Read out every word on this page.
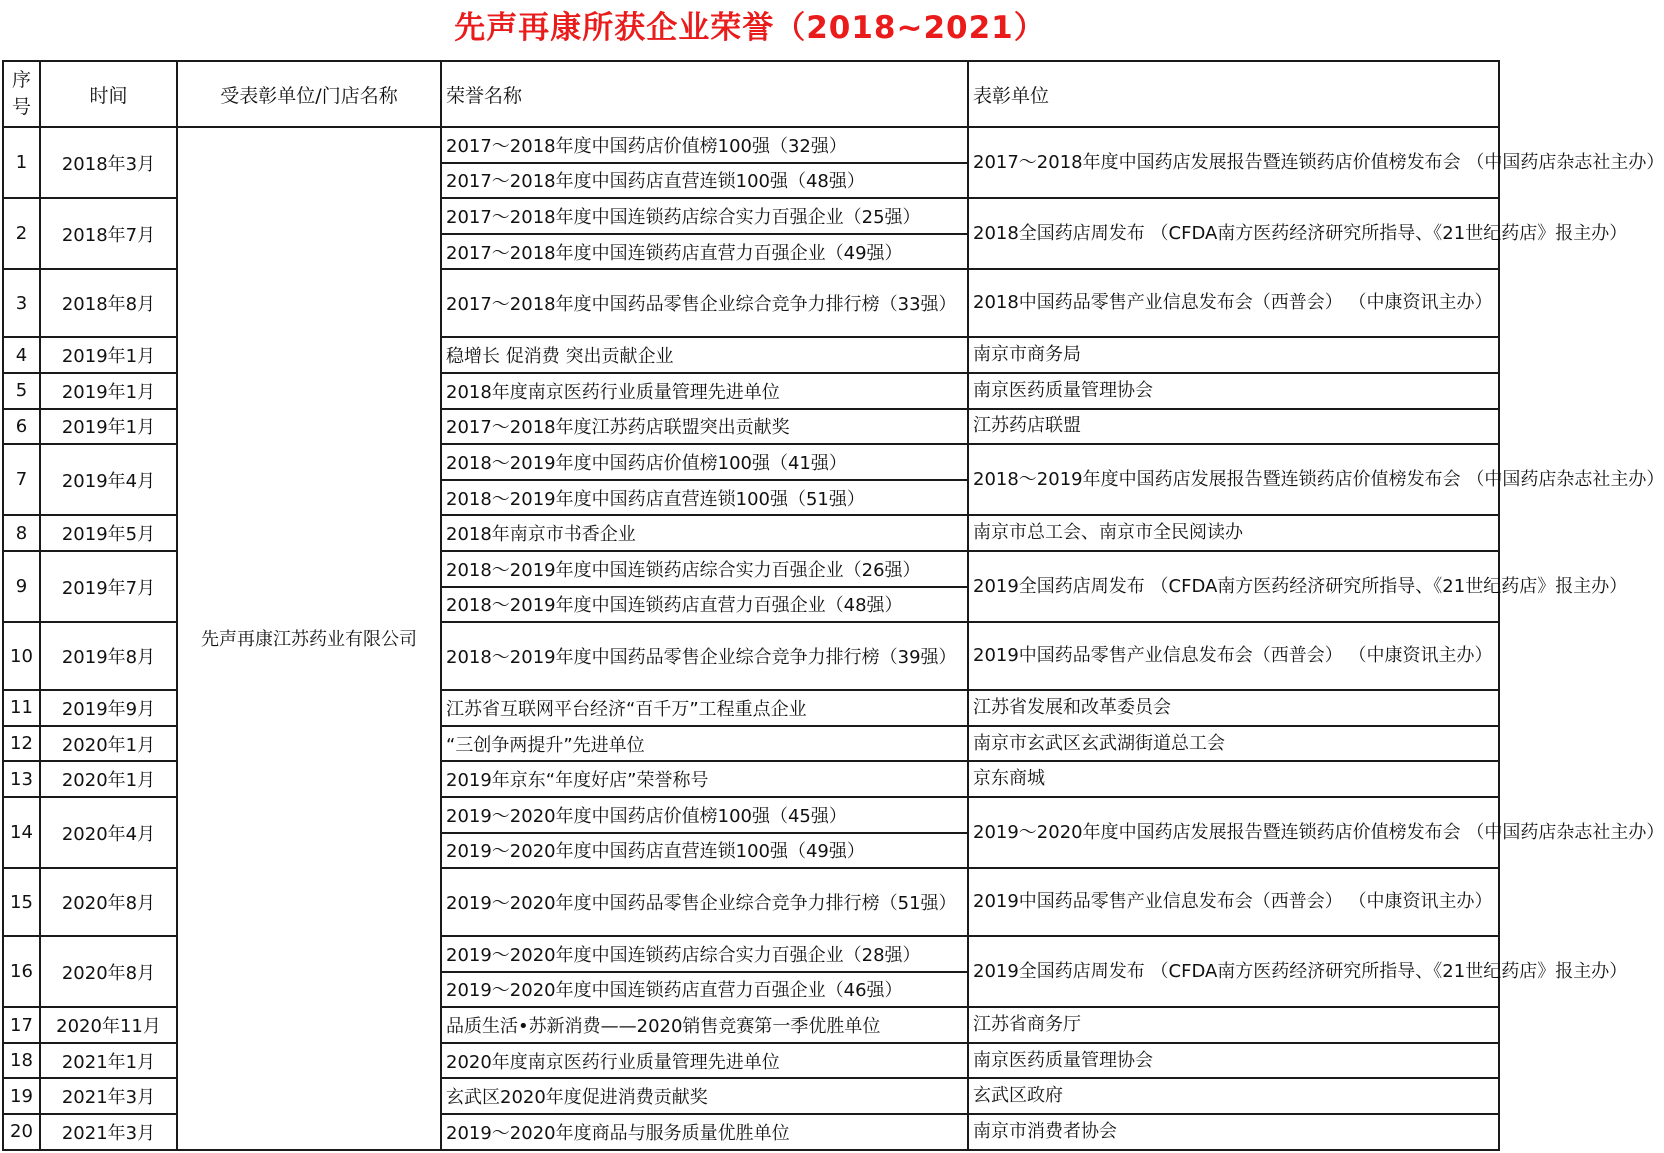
先声再康所获企业荣誉（2018~2021）
序号	时间	受表彰单位/门店名称	荣誉名称	表彰单位
1	2018年3月	先声再康江苏药业有限公司	2017～2018年度中国药店价值榜100强（32强）	2017～2018年度中国药店发展报告暨连锁药店价值榜发布会 （中国药店杂志社主办）
			2017～2018年度中国药店直营连锁100强（48强）	
2	2018年7月		2017～2018年度中国连锁药店综合实力百强企业（25强）	2018全国药店周发布 （CFDA南方医药经济研究所指导、《21世纪药店》报主办）
			2017～2018年度中国连锁药店直营力百强企业（49强）	
3	2018年8月		2017～2018年度中国药品零售企业综合竞争力排行榜（33强）	2018中国药品零售产业信息发布会（西普会） （中康资讯主办）
4	2019年1月		稳增长 促消费 突出贡献企业	南京市商务局
5	2019年1月		2018年度南京医药行业质量管理先进单位	南京医药质量管理协会
6	2019年1月		2017～2018年度江苏药店联盟突出贡献奖	江苏药店联盟
7	2019年4月		2018～2019年度中国药店价值榜100强（41强）	2018～2019年度中国药店发展报告暨连锁药店价值榜发布会 （中国药店杂志社主办）
			2018～2019年度中国药店直营连锁100强（51强）	
8	2019年5月		2018年南京市书香企业	南京市总工会、南京市全民阅读办
9	2019年7月		2018～2019年度中国连锁药店综合实力百强企业（26强）	2019全国药店周发布 （CFDA南方医药经济研究所指导、《21世纪药店》报主办）
			2018～2019年度中国连锁药店直营力百强企业（48强）	
10	2019年8月		2018～2019年度中国药品零售企业综合竞争力排行榜（39强）	2019中国药品零售产业信息发布会（西普会） （中康资讯主办）
11	2019年9月		江苏省互联网平台经济“百千万”工程重点企业	江苏省发展和改革委员会
12	2020年1月		“三创争两提升”先进单位	南京市玄武区玄武湖街道总工会
13	2020年1月		2019年京东“年度好店”荣誉称号	京东商城
14	2020年4月		2019～2020年度中国药店价值榜100强（45强）	2019～2020年度中国药店发展报告暨连锁药店价值榜发布会 （中国药店杂志社主办）
			2019～2020年度中国药店直营连锁100强（49强）	
15	2020年8月		2019～2020年度中国药品零售企业综合竞争力排行榜（51强）	2019中国药品零售产业信息发布会（西普会） （中康资讯主办）
16	2020年8月		2019～2020年度中国连锁药店综合实力百强企业（28强）	2019全国药店周发布 （CFDA南方医药经济研究所指导、《21世纪药店》报主办）
			2019～2020年度中国连锁药店直营力百强企业（46强）	
17	2020年11月		品质生活•苏新消费——2020销售竞赛第一季优胜单位	江苏省商务厅
18	2021年1月		2020年度南京医药行业质量管理先进单位	南京医药质量管理协会
19	2021年3月		玄武区2020年度促进消费贡献奖	玄武区政府
20	2021年3月		2019～2020年度商品与服务质量优胜单位	南京市消费者协会
